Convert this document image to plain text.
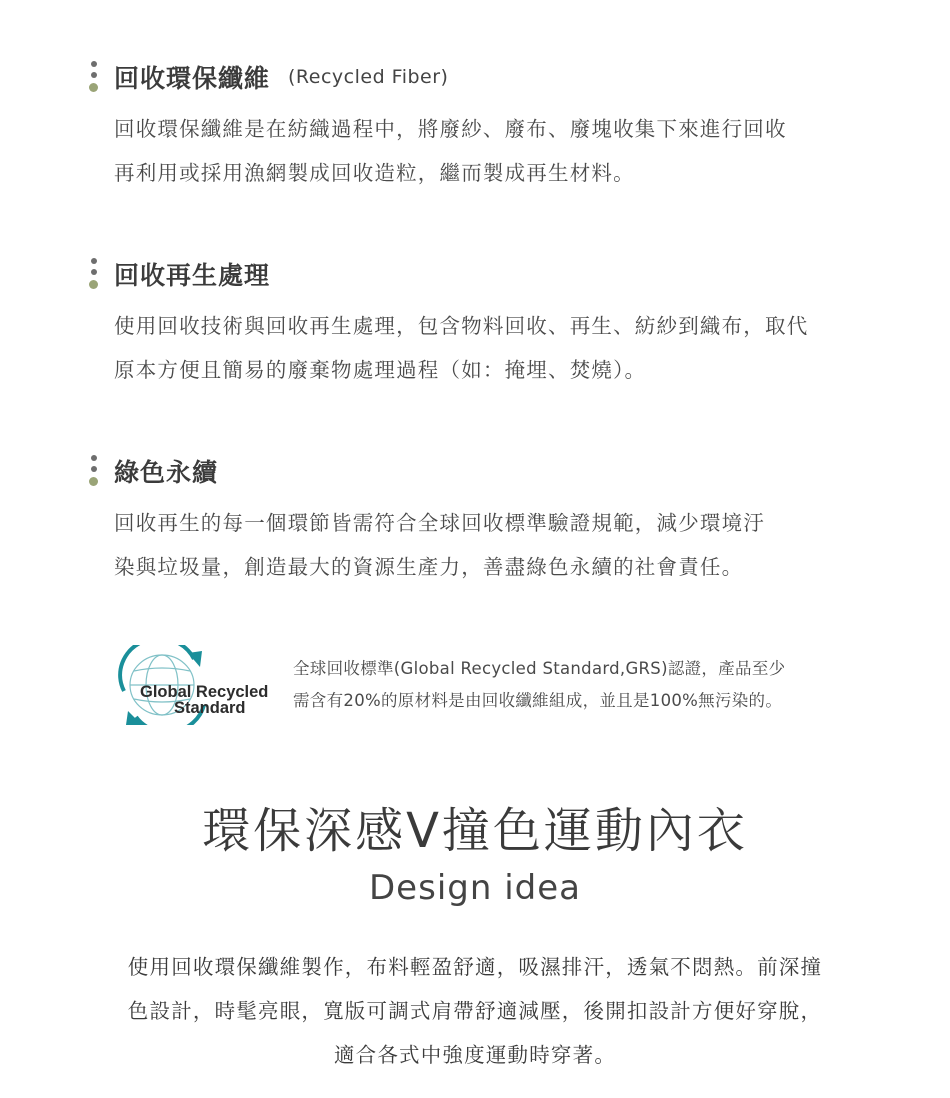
回收環保纖維 (Recycled Fiber)
回收環保纖維是在紡織過程中，將廢紗、廢布、廢塊收集下來進行回收
再利用或採用漁網製成回收造粒，繼而製成再生材料。
回收再生處理
使用回收技術與回收再生處理，包含物料回收、再生、紡紗到織布，取代
原本方便且簡易的廢棄物處理過程（如：掩埋、焚燒）。
綠色永續
回收再生的每一個環節皆需符合全球回收標準驗證規範，減少環境汙
染與垃圾量，創造最大的資源生產力，善盡綠色永續的社會責任。
Global Recycled
Standard
全球回收標準(Global Recycled Standard,GRS)認證，產品至少
需含有20%的原材料是由回收纖維組成，並且是100%無污染的。
環保深感V撞色運動內衣
Design idea
使用回收環保纖維製作，布料輕盈舒適，吸濕排汗，透氣不悶熱。前深撞
色設計，時髦亮眼，寬版可調式肩帶舒適減壓，後開扣設計方便好穿脫，
適合各式中強度運動時穿著。
